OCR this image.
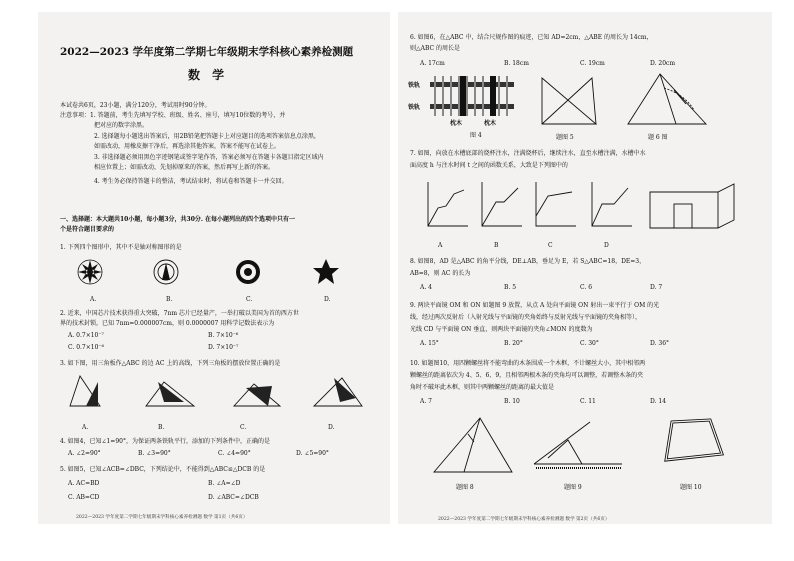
2022—2023 学年度第二学期七年级期末学科核心素养检测题
数 学
本试卷共6页，23小题，满分120分，考试用时90分钟。
注意事项：1. 答题前，考生先填写学校、班级、姓名、座号，填写10位数的考号，并
把对应的数字涂黑。
2. 选择题每小题选出答案后，用2B铅笔把答题卡上对应题目的选项答案信息点涂黑，
如需改动，用橡皮擦干净后，再选涂其他答案，答案不能写在试卷上。
3. 非选择题必须用黑色字迹钢笔或签字笔作答，答案必须写在答题卡各题目指定区域内
相应位置上；如需改动，先划掉原来的答案，然后再写上新的答案。
4. 考生务必保持答题卡的整洁，考试结束时，将试卷和答题卡一并交回。
一、选择题：本大题共10小题，每小题3分，共30分. 在每小题列出的四个选项中只有一
个是符合题目要求的
1. 下列四个图形中，其中不是轴对称图形的是
A.	B.	C.	D.
2. 近来，中国芯片技术获得重大突破，7nm 芯片已经量产，一举打破以美国为首的西方世
界的技术封锁，已知 7nm=0.000007cm，则 0.0000007 用科学记数法表示为
A. 0.7×10⁻⁷	B. 7×10⁻⁶
C. 0.7×10⁻⁶	D. 7×10⁻⁷
3. 如下图，用三角板作△ABC 的边 AC 上的高线，下列三角板的摆放位置正确的是
A.	B.	C.	D.
4. 如图4，已知∠1=90°，为保证两条铁轨平行，添加的下列条件中，正确的是
A. ∠2=90°	B. ∠3=90°	C. ∠4=90°	D. ∠5=90°
5. 如图5，已知∠ACB=∠DBC，下列结论中，不能得到△ABC≌△DCB 的是
A. AC=BD	B. ∠A=∠D
C. AB=CD	D. ∠ABC=∠DCB
2022—2023 学年度第二学期七年级期末学科核心素养检测题 数学 第1页（共6页）
6. 如图6，在△ABC 中，结合尺规作图的痕迹，已知 AD=2cm，△ABE 的周长为 14cm，
则△ABC 的周长是
A. 17cm	B. 18cm	C. 19cm	D. 20cm
铁轨
铁轨
枕木	枕木
图 4	题图 5	题 6 图
7. 如图，向放在水槽底部的烧杯注水，注满烧杯后，继续注水，直至水槽注满，水槽中水
面高度 h 与注水时间 t 之间的函数关系，大致是下列图中的
A	B	C	D
8. 如图8，AD 是△ABC 的角平分线，DE⊥AB，垂足为 E，若 S△ABC=18，DE=3，
AB=8，则 AC 的长为
A. 4	B. 5	C. 6	D. 7
9. 两块平面镜 OM 和 ON 如题图 9 放置，从点 A 处向平面镜 ON 射出一束平行于 OM 的光
线，经过两次反射后（入射光线与平面镜的夹角始终与反射光线与平面镜的夹角相等），
光线 CD 与平面镜 ON 垂直，则两块平面镜的夹角∠MON 的度数为
A. 15°	B. 20°	C. 30°	D. 36°
10. 如题图10，用四颗螺丝将不能弯曲的木条围成一个木框，不计螺丝大小，其中相邻两
颗螺丝的距离依次为 4、5、6、9，且相邻两根木条的夹角均可以调整，若调整木条的夹
角时不破坏此木框，则其中两颗螺丝的距离的最大值是
A. 7	B. 10	C. 11	D. 14
题图 8	题图 9	题图 10
2022—2023 学年度第二学期七年级期末学科核心素养检测题 数学 第2页（共6页）
